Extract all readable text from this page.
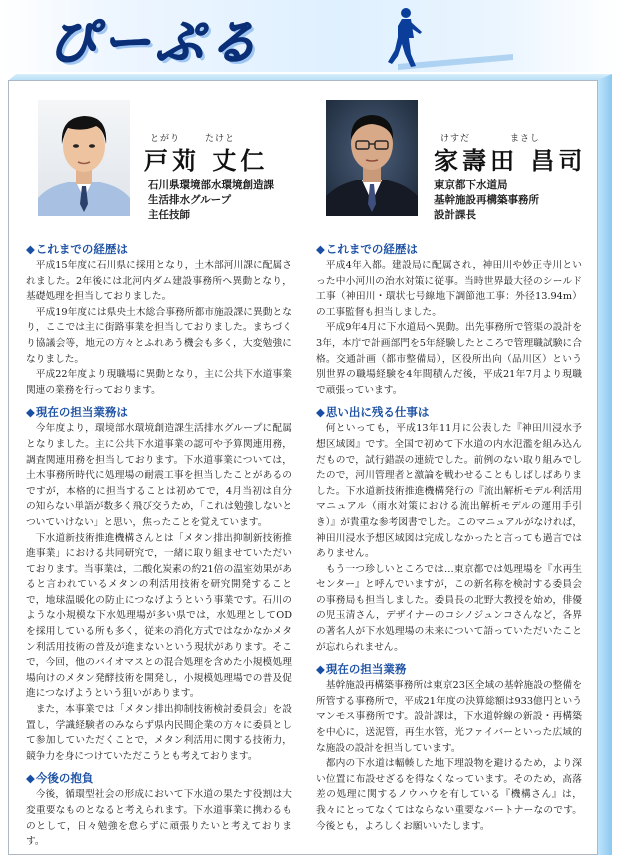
ぴーぷる
とがり	たけと
戸苅 丈仁
石川県環境部水環境創造課
生活排水グループ
主任技師
けすだ	まさし
家壽田 昌司
東京都下水道局
基幹施設再構築事務所
設計課長
◆これまでの経歴は

平成15年度に石川県に採用となり，土木部河川課に配属されました。2年後には北河内ダム建設事務所へ異動となり，基礎処理を担当しておりました。

平成19年度には県央土木総合事務所都市施設課に異動となり，ここでは主に街路事業を担当しておりました。まちづくり協議会等，地元の方々とふれあう機会も多く，大変勉強になりました。

平成22年度より現職場に異動となり，主に公共下水道事業関連の業務を行っております。

◆現在の担当業務は

今年度より，環境部水環境創造課生活排水グループに配属となりました。主に公共下水道事業の認可や予算関連用務，調査関連用務を担当しております。下水道事業については，土木事務所時代に処理場の耐震工事を担当したことがあるのですが，本格的に担当することは初めてで，4月当初は自分の知らない単語が数多く飛び交うため，「これは勉強しないとついていけない」と思い，焦ったことを覚えています。

下水道新技術推進機構さんとは「メタン排出抑制新技術推進事業」における共同研究で，一緒に取り組ませていただいております。当事業は，二酸化炭素の約21倍の温室効果があると言われているメタンの利活用技術を研究開発することで，地球温暖化の防止につなげようという事業です。石川のような小規模な下水処理場が多い県では，水処理としてODを採用している所も多く，従来の消化方式ではなかなかメタン利活用技術の普及が進まないという現状があります。そこで，今回，他のバイオマスとの混合処理を含めた小規模処理場向けのメタン発酵技術を開発し，小規模処理場での普及促進につなげようという狙いがあります。

また，本事業では「メタン排出抑制技術検討委員会」を設置し，学識経験者のみならず県内民間企業の方々に委員として参加していただくことで，メタン利活用に関する技術力，競争力を身につけていただこうとも考えております。

◆今後の抱負

今後，循環型社会の形成において下水道の果たす役割は大変重要なものとなると考えられます。下水道事業に携わるものとして，日々勉強を怠らずに頑張りたいと考えております。

◆これまでの経歴は

平成4年入都。建設局に配属され，神田川や妙正寺川といった中小河川の治水対策に従事。当時世界最大径のシールド工事（神田川・環状七号線地下調節池工事：外径13.94m）の工事監督も担当しました。

平成9年4月に下水道局へ異動。出先事務所で管渠の設計を3年，本庁で計画部門を5年経験したところで管理職試験に合格。交通計画（都市整備局），区役所出向（品川区）という別世界の職場経験を4年間積んだ後，平成21年7月より現職で頑張っています。

◆思い出に残る仕事は

何といっても，平成13年11月に公表した『神田川浸水予想区域図』です。全国で初めて下水道の内水氾濫を組み込んだもので，試行錯誤の連続でした。前例のない取り組みでしたので，河川管理者と激論を戦わせることもしばしばありました。下水道新技術推進機構発行の『流出解析モデル利活用マニュアル（雨水対策における流出解析モデルの運用手引き）』が貴重な参考図書でした。このマニュアルがなければ，神田川浸水予想区域図は完成しなかったと言っても過言ではありません。

もう一つ珍しいところでは…東京都では処理場を『水再生センター』と呼んでいますが，この新名称を検討する委員会の事務局も担当しました。委員長の北野大教授を始め，俳優の児玉清さん，デザイナーのコシノジュンコさんなど，各界の著名人が下水処理場の未来について語っていただいたことが忘れられません。

◆現在の担当業務

基幹施設再構築事務所は東京23区全域の基幹施設の整備を所管する事務所で，平成21年度の決算総額は933億円というマンモス事務所です。設計課は，下水道幹線の新設・再構築を中心に，送泥管，再生水管，光ファイバーといった広域的な施設の設計を担当しています。

都内の下水道は輻輳した地下埋設物を避けるため，より深い位置に布設せざるを得なくなっています。そのため，高落差の処理に関するノウハウを有している『機構さん』は，我々にとってなくてはならない重要なパートナーなのです。今後とも，よろしくお願いいたします。
